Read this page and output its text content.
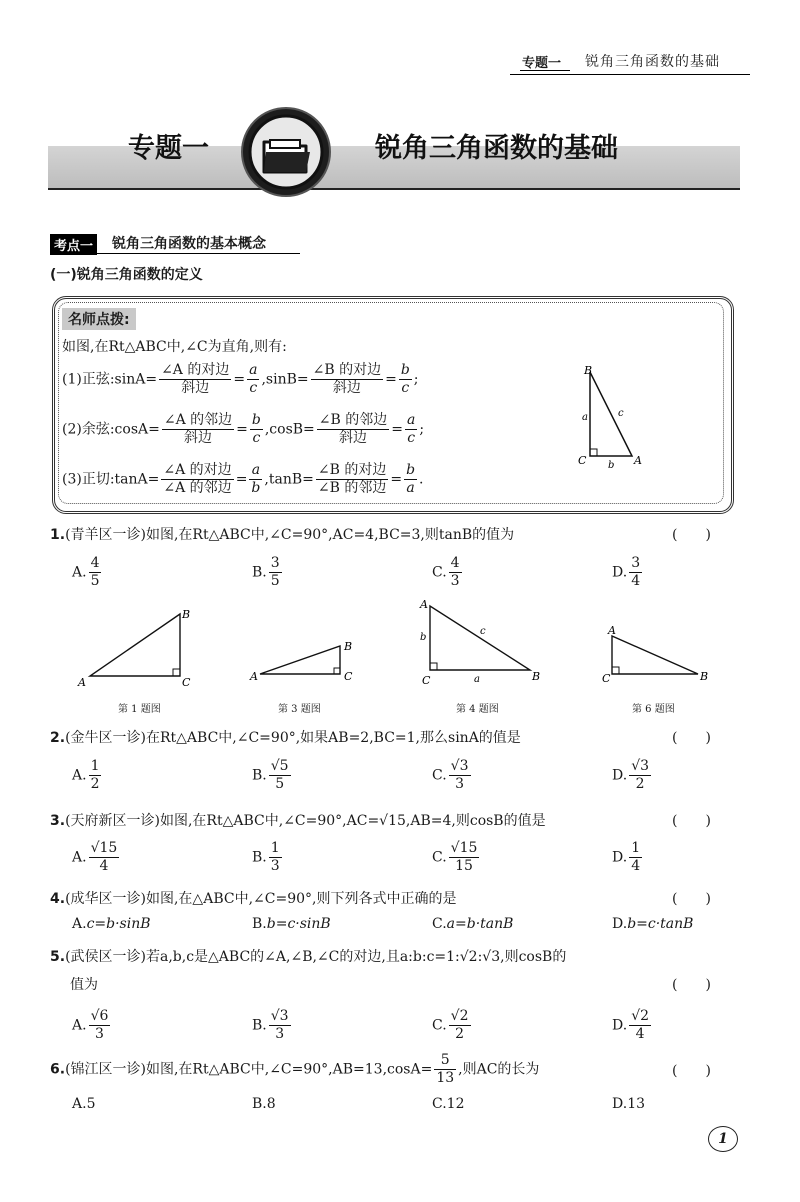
专题一 锐角三角函数的基础
专题一	锐角三角函数的基础
考点一 锐角三角函数的基本概念
(一)锐角三角函数的定义
名师点拨:
如图,在Rt△ABC中,∠C为直角,则有:
(1)正弦:sinA= $\frac{\text{∠A 的对边}}{\text{斜边}} = \frac{a}{c} ,\sin B= \frac{\text{∠B 的对边}}{\text{斜边}} = \frac{b}{c}$ ;
(2)余弦:cosA= $\frac{\text{∠A 的邻边}}{\text{斜边}} = \frac{b}{c} ,\cos B= \frac{\text{∠B 的邻边}}{\text{斜边}} = \frac{a}{c}$ ;
(3)正切:tanA= $\frac{\text{∠A 的对边}}{\text{∠A 的邻边}} = \frac{a}{b} ,\tan B= \frac{\text{∠B 的对边}}{\text{∠B 的邻边}} = \frac{b}{a}$ .
B
C	A
a	c
b
1.(青羊区一诊)如图,在Rt△ABC中,∠C=90°,AC=4,BC=3,则tanB的值为	(　　)
A. $\frac{4}{5}$	B. $\frac{3}{5}$	C. $\frac{4}{3}$	D. $\frac{3}{4}$
A	C
B
A	C
B
A
C	B
b
c
a
A
C	B
第 1 题图	第 3 题图	第 4 题图	第 6 题图
2.(金牛区一诊)在Rt△ABC中,∠C=90°,如果AB=2,BC=1,那么sinA的值是	(　　)
A. $\frac{1}{2}$	B. $\frac{√5}{5}$	C. $\frac{√3}{3}$	D. $\frac{√3}{2}$
3.(天府新区一诊)如图,在Rt△ABC中,∠C=90°,AC=√15,AB=4,则cosB的值是	(　　)
A. $\frac{√15}{4}$	B. $\frac{1}{3}$	C. $\frac{√15}{15}$	D. $\frac{1}{4}$
4.(成华区一诊)如图,在△ABC中,∠C=90°,则下列各式中正确的是	(　　)
A.c=b·sinB	B.b=c·sinB	C.a=b·tanB	D.b=c·tanB
5.(武侯区一诊)若a,b,c是△ABC的∠A,∠B,∠C的对边,且a:b:c=1:√2:√3,则cosB的
值为	(　　)
A. $\frac{√6}{3}$	B. $\frac{√3}{3}$	C. $\frac{√2}{2}$	D. $\frac{√2}{4}$
6.(锦江区一诊)如图,在Rt△ABC中,∠C=90°,AB=13,cosA= $\frac{5}{13}$ ,则AC的长为	(　　)
A.5	B.8	C.12	D.13
1
